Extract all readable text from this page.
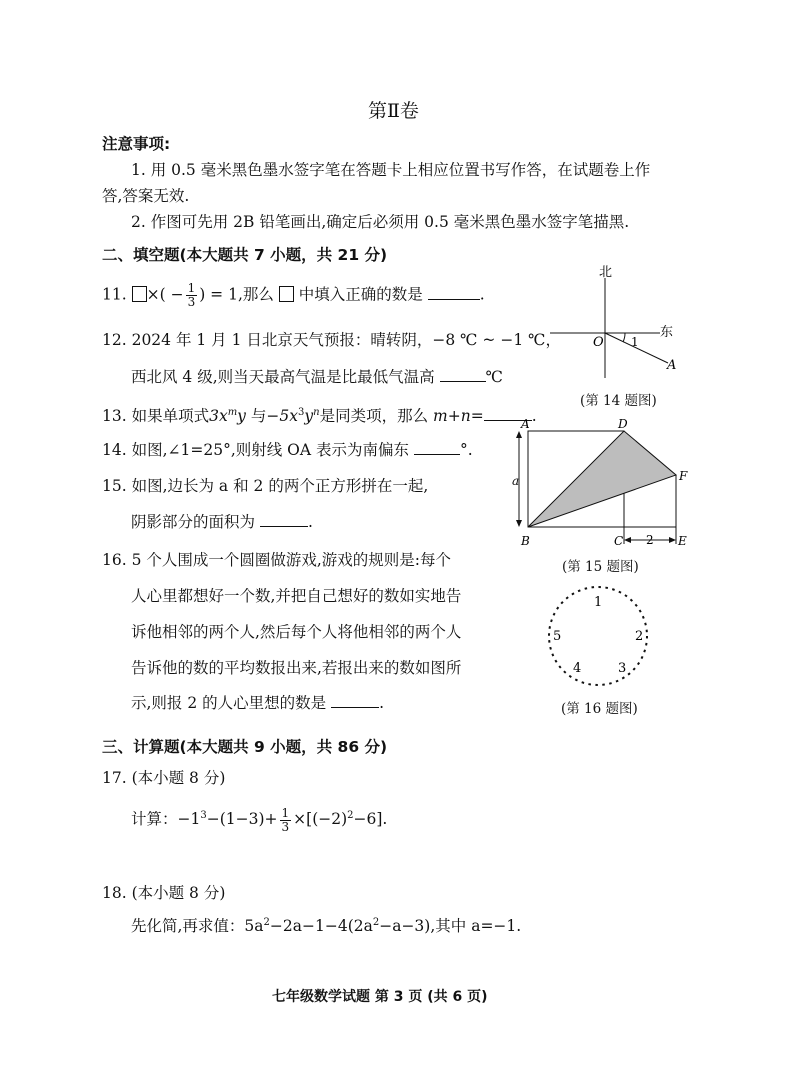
第Ⅱ卷
注意事项:
1. 用 0.5 毫米黑色墨水签字笔在答题卡上相应位置书写作答，在试题卷上作
答,答案无效.
2. 作图可先用 2B 铅笔画出,确定后必须用 0.5 毫米黑色墨水签字笔描黑.
二、填空题(本大题共 7 小题，共 21 分)
11. ×( − $\frac{1}{3}$ ) = 1,那么 中填入正确的数是	.
12. 2024 年 1 月 1 日北京天气预报：晴转阴，−8 ℃ ~ −1 ℃，
西北风 4 级,则当天最高气温是比最低气温高	℃
13. 如果单项式$3x^my$ 与$-5x^3y^n$是同类项，那么 m+n=	.
14. 如图,∠1=25°,则射线 OA 表示为南偏东	°.
15. 如图,边长为 a 和 2 的两个正方形拼在一起,
阴影部分的面积为	.
16. 5 个人围成一个圆圈做游戏,游戏的规则是:每个
人心里都想好一个数,并把自己想好的数如实地告
诉他相邻的两个人,然后每个人将他相邻的两个人
告诉他的数的平均数报出来,若报出来的数如图所
示,则报 2 的人心里想的数是	.
北
东
O 1
A
(第 14 题图)
A	D
F
B	C	E
a
2
(第 15 题图)
1
2
3
4
5
(第 16 题图)
三、计算题(本大题共 9 小题，共 86 分)
17. (本小题 8 分)
计算：$-1^3-(1-3)+ \frac{1}{3} \times[(-2)^2-6]$.
18. (本小题 8 分)
先化简,再求值：$5a^2-2a-1-4(2a^2-a-3)$,其中 a=−1.
七年级数学试题 第 3 页 (共 6 页)
